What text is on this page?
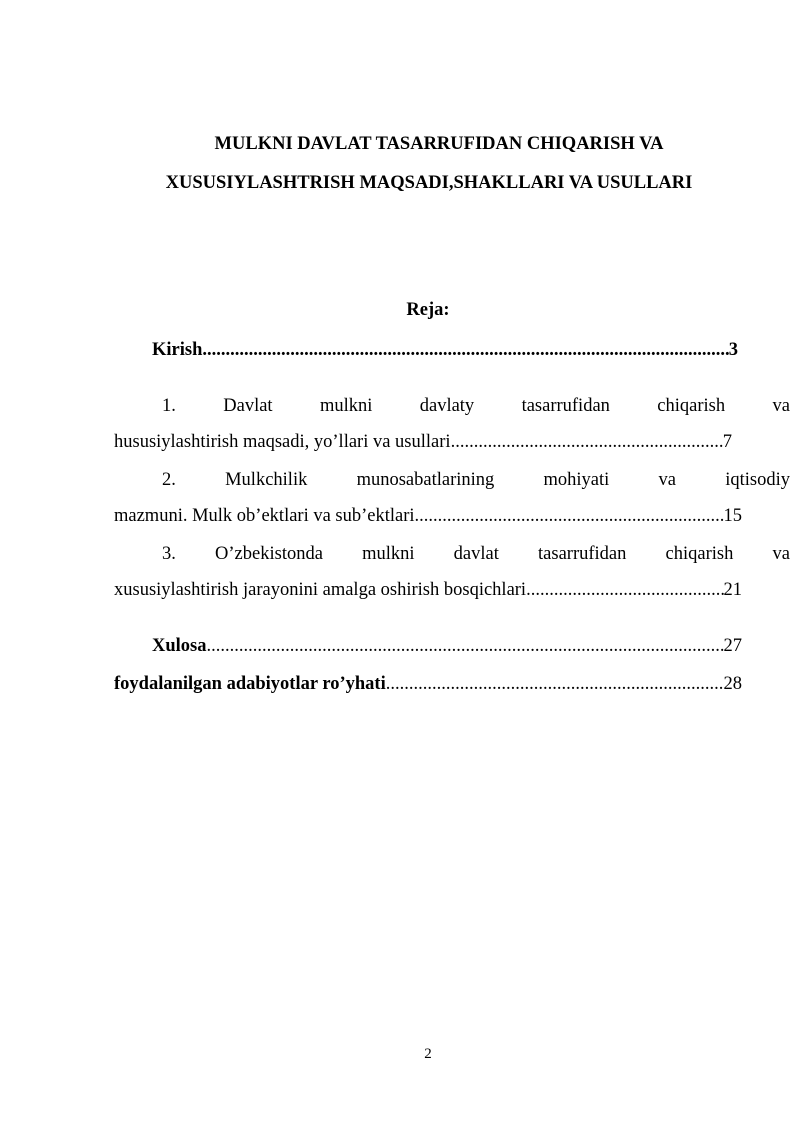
MULKNI DAVLAT TASARRUFIDAN CHIQARISH VA
XUSUSIYLASHTRISH MAQSADI,SHAKLLARI VA USULLARI
Reja:
Kirish .....	3
1.	Davlat	mulkni	davlaty	tasarrufidan	chiqarish	va
hususiylashtirish maqsadi, yo’llari va usullari .....	7
2.	Mulkchilik	munosabatlarining	mohiyati	va	iqtisodiy
mazmuni. Mulk ob’ektlari va sub’ektlari .....	15
3. O’zbekistonda mulkni davlat tasarrufidan chiqarish va
xususiylashtirish jarayonini amalga oshirish bosqichlari .....	21
Xulosa .....	27
foydalanilgan adabiyotlar ro’yhati .....	28
2
